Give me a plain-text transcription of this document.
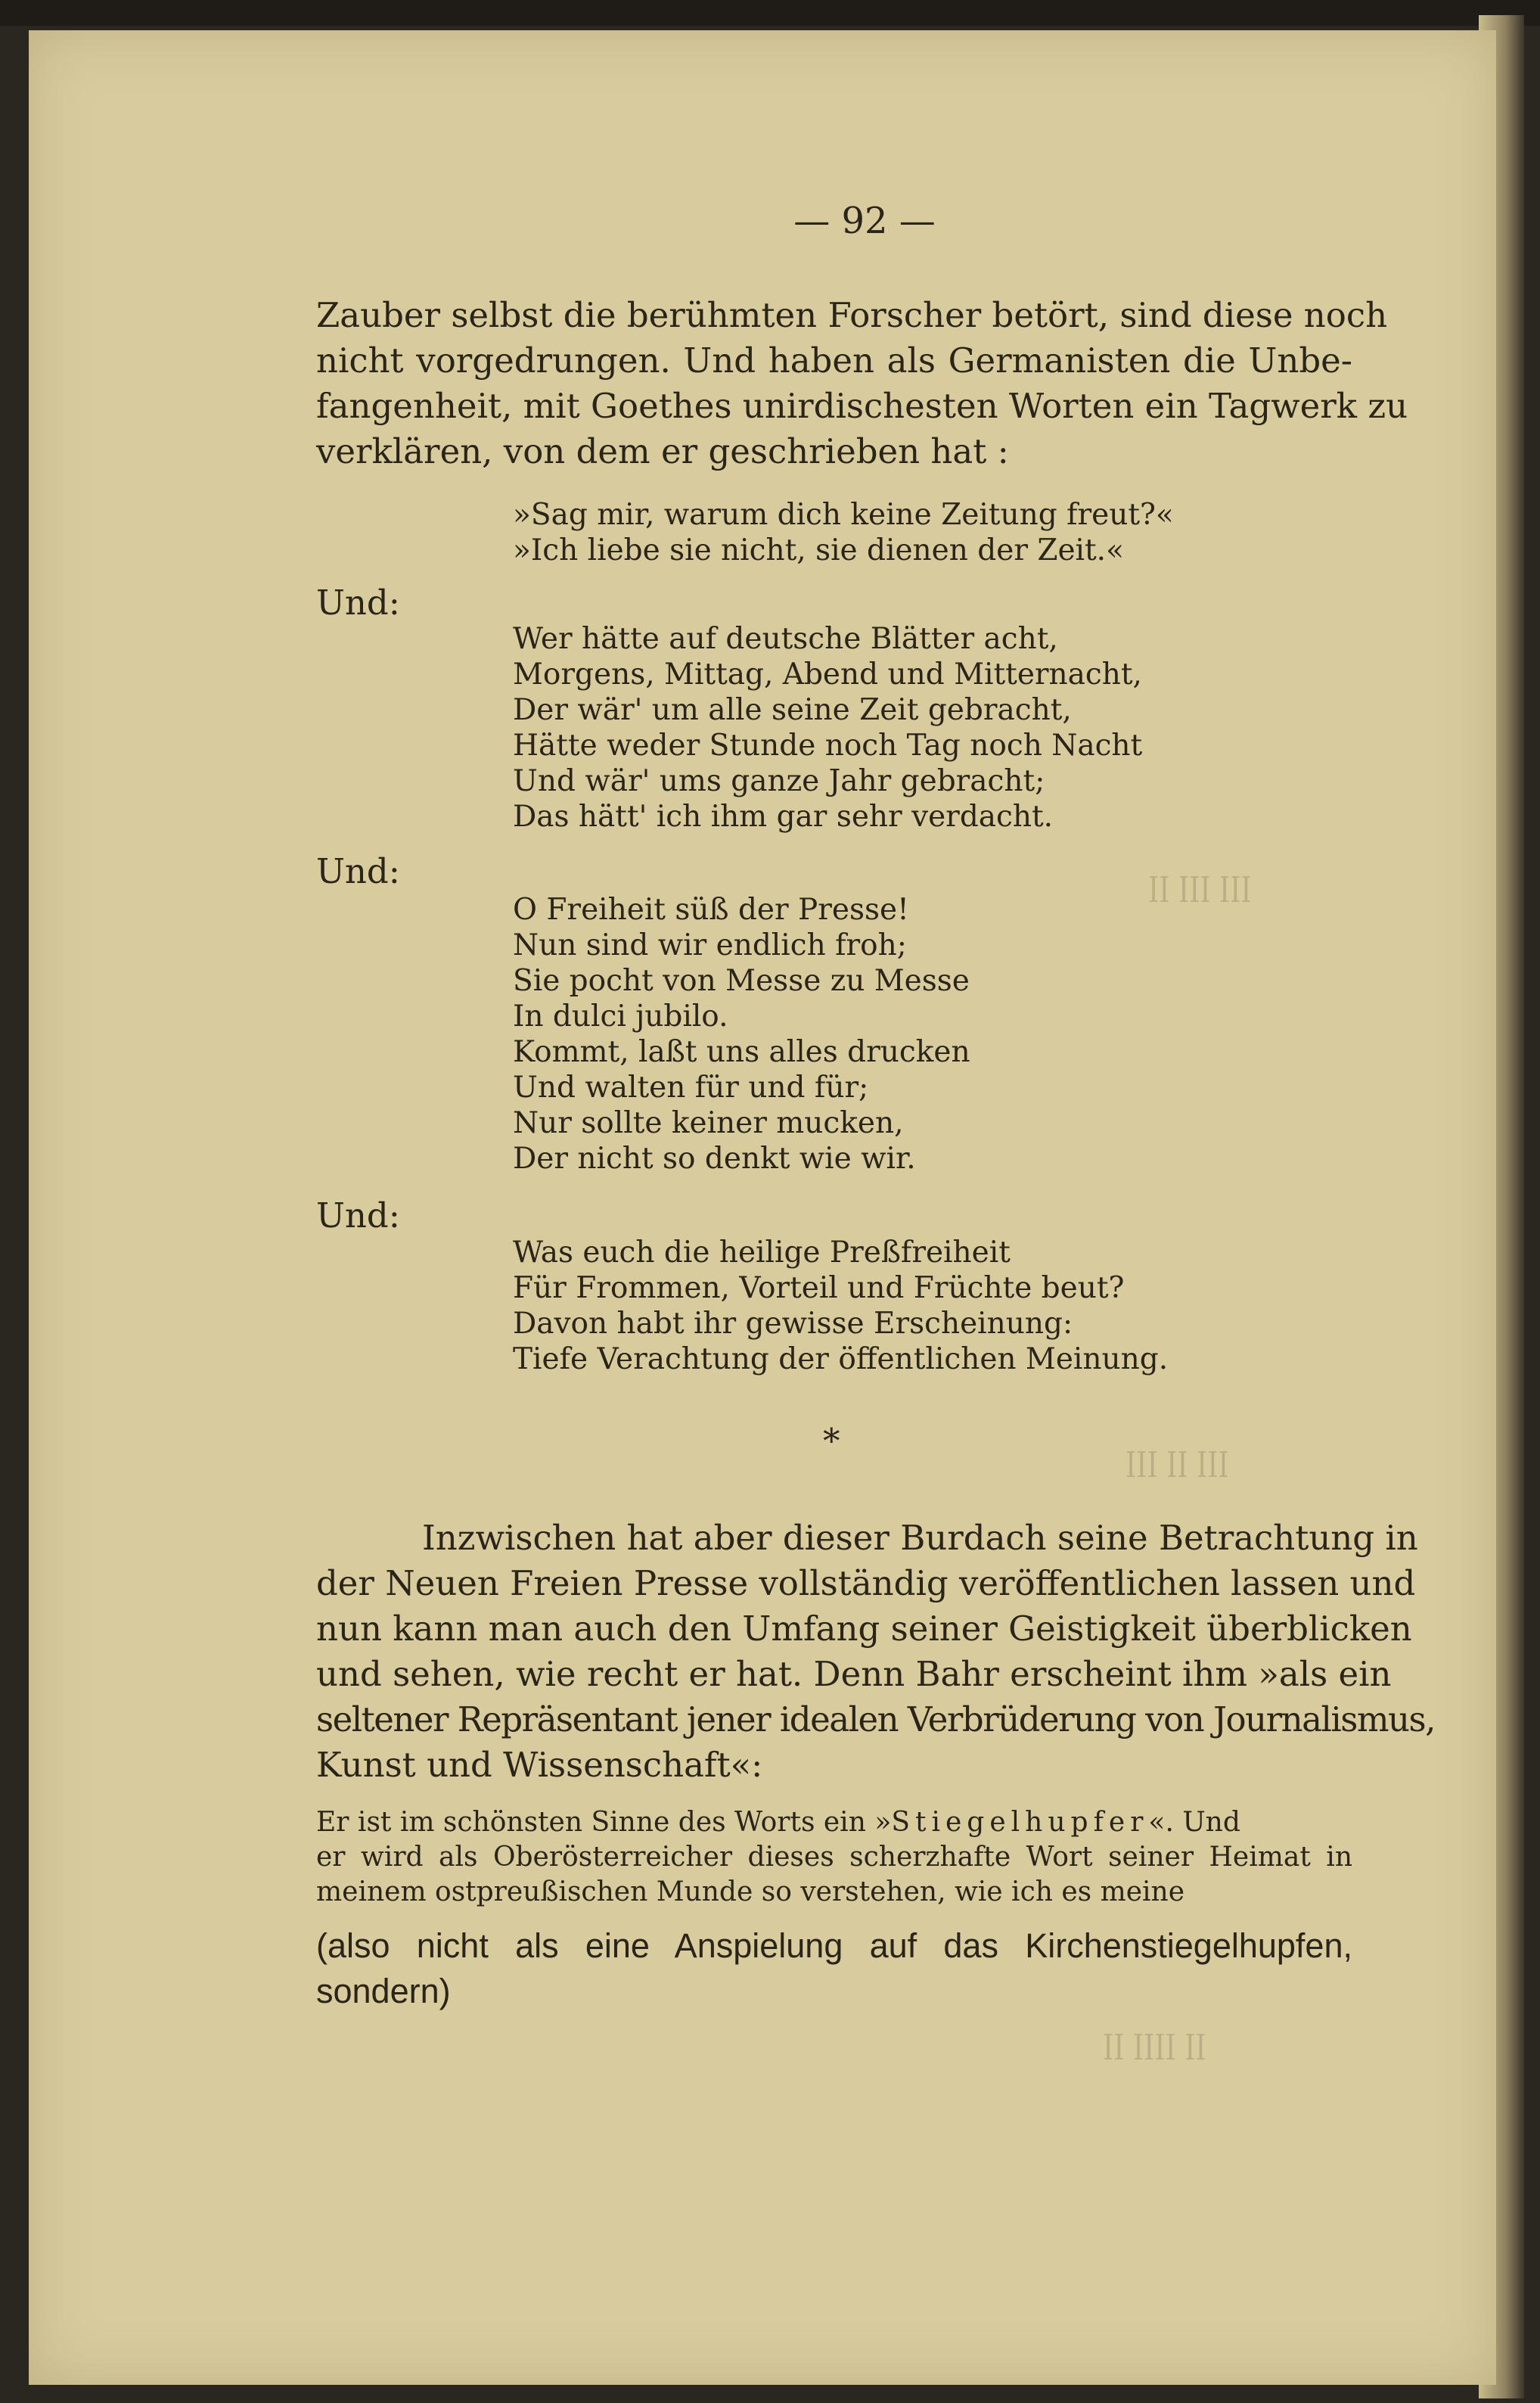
ꟾꟾ ꟾꟾꟾ ꟾꟾꟾ
ꟾꟾꟾ ꟾꟾ ꟾꟾꟾ
ꟾꟾ ꟾꟾꟾꟾ ꟾꟾ
— 92 —
Zauber selbst die berühmten Forscher betört, sind diese noch
nicht vorgedrungen. Und haben als Germanisten die Unbe-
fangenheit, mit Goethes unirdischesten Worten ein Tagwerk zu
verklären, von dem er geschrieben hat :
»Sag mir, warum dich keine Zeitung freut?«
»Ich liebe sie nicht, sie dienen der Zeit.«
Und:
Wer hätte auf deutsche Blätter acht,
Morgens, Mittag, Abend und Mitternacht,
Der wär' um alle seine Zeit gebracht,
Hätte weder Stunde noch Tag noch Nacht
Und wär' ums ganze Jahr gebracht;
Das hätt' ich ihm gar sehr verdacht.
Und:
O Freiheit süß der Presse!
Nun sind wir endlich froh;
Sie pocht von Messe zu Messe
In dulci jubilo.
Kommt, laßt uns alles drucken
Und walten für und für;
Nur sollte keiner mucken,
Der nicht so denkt wie wir.
Und:
Was euch die heilige Preßfreiheit
Für Frommen, Vorteil und Früchte beut?
Davon habt ihr gewisse Erscheinung:
Tiefe Verachtung der öffentlichen Meinung.
*
Inzwischen hat aber dieser Burdach seine Betrachtung in
der Neuen Freien Presse vollständig veröffentlichen lassen und
nun kann man auch den Umfang seiner Geistigkeit überblicken
und sehen, wie recht er hat. Denn Bahr erscheint ihm »als ein
seltener Repräsentant jener idealen Verbrüderung von Journalismus,
Kunst und Wissenschaft«:
Er ist im schönsten Sinne des Worts ein »Stiegelhupfer«. Und
er wird als Oberösterreicher dieses scherzhafte Wort seiner Heimat in
meinem ostpreußischen Munde so verstehen, wie ich es meine
(also nicht als eine Anspielung auf das Kirchenstiegelhupfen,
sondern)
